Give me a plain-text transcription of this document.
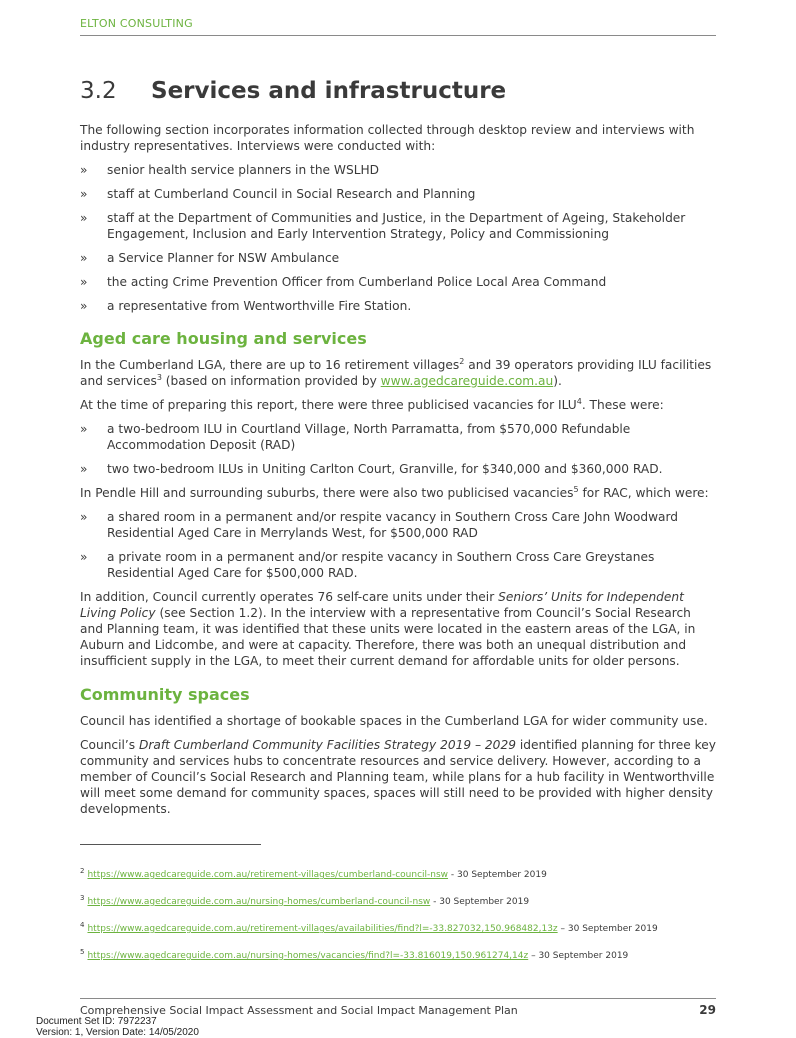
ELTON CONSULTING
3.2 Services and infrastructure

The following section incorporates information collected through desktop review and interviews with industry representatives. Interviews were conducted with:

» senior health service planners in the WSLHD
» staff at Cumberland Council in Social Research and Planning
» staff at the Department of Communities and Justice, in the Department of Ageing, Stakeholder Engagement, Inclusion and Early Intervention Strategy, Policy and Commissioning
» a Service Planner for NSW Ambulance
» the acting Crime Prevention Officer from Cumberland Police Local Area Command
» a representative from Wentworthville Fire Station.
Aged care housing and services

In the Cumberland LGA, there are up to 16 retirement villages$^2$ and 39 operators providing ILU facilities and services$^3$ (based on information provided by www.agedcareguide.com.au).

At the time of preparing this report, there were three publicised vacancies for ILU$^4$. These were:

» a two-bedroom ILU in Courtland Village, North Parramatta, from $570,000 Refundable Accommodation Deposit (RAD)
» two two-bedroom ILUs in Uniting Carlton Court, Granville, for $340,000 and $360,000 RAD.

In Pendle Hill and surrounding suburbs, there were also two publicised vacancies$^5$ for RAC, which were:

» a shared room in a permanent and/or respite vacancy in Southern Cross Care John Woodward Residential Aged Care in Merrylands West, for $500,000 RAD
» a private room in a permanent and/or respite vacancy in Southern Cross Care Greystanes Residential Aged Care for $500,000 RAD.

In addition, Council currently operates 76 self-care units under their Seniors’ Units for Independent Living Policy (see Section 1.2). In the interview with a representative from Council’s Social Research and Planning team, it was identified that these units were located in the eastern areas of the LGA, in Auburn and Lidcombe, and were at capacity. Therefore, there was both an unequal distribution and insufficient supply in the LGA, to meet their current demand for affordable units for older persons.

Community spaces

Council has identified a shortage of bookable spaces in the Cumberland LGA for wider community use.

Council’s Draft Cumberland Community Facilities Strategy 2019 – 2029 identified planning for three key community and services hubs to concentrate resources and service delivery. However, according to a member of Council’s Social Research and Planning team, while plans for a hub facility in Wentworthville will meet some demand for community spaces, spaces will still need to be provided with higher density developments.

$^2$ https://www.agedcareguide.com.au/retirement-villages/cumberland-council-nsw - 30 September 2019
$^3$ https://www.agedcareguide.com.au/nursing-homes/cumberland-council-nsw - 30 September 2019
$^4$ https://www.agedcareguide.com.au/retirement-villages/availabilities/find?l=-33.827032,150.968482,13z – 30 September 2019
$^5$ https://www.agedcareguide.com.au/nursing-homes/vacancies/find?l=-33.816019,150.961274,14z – 30 September 2019
Comprehensive Social Impact Assessment and Social Impact Management Plan	29
Document Set ID: 7972237
Version: 1, Version Date: 14/05/2020
